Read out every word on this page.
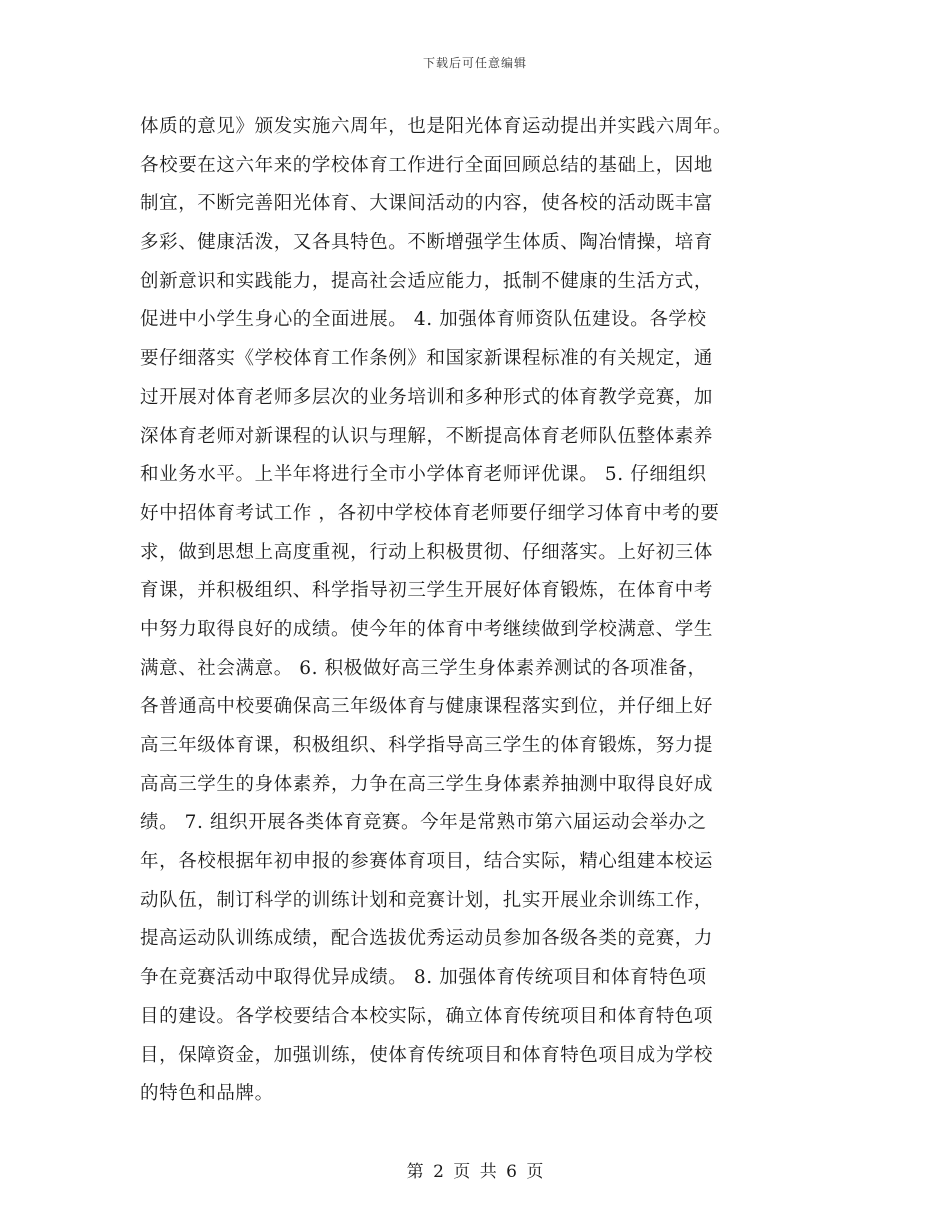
下载后可任意编辑
体质的意见》颁发实施六周年，也是阳光体育运动提出并实践六周年。
各校要在这六年来的学校体育工作进行全面回顾总结的基础上，因地
制宜，不断完善阳光体育、大课间活动的内容，使各校的活动既丰富
多彩、健康活泼，又各具特色。不断增强学生体质、陶冶情操，培育
创新意识和实践能力，提高社会适应能力，抵制不健康的生活方式，
促进中小学生身心的全面进展。 4. 加强体育师资队伍建设。各学校
要仔细落实《学校体育工作条例》和国家新课程标准的有关规定，通
过开展对体育老师多层次的业务培训和多种形式的体育教学竞赛，加
深体育老师对新课程的认识与理解，不断提高体育老师队伍整体素养
和业务水平。上半年将进行全市小学体育老师评优课。 5. 仔细组织
好中招体育考试工作 ，各初中学校体育老师要仔细学习体育中考的要
求，做到思想上高度重视，行动上积极贯彻、仔细落实。上好初三体
育课，并积极组织、科学指导初三学生开展好体育锻炼，在体育中考
中努力取得良好的成绩。使今年的体育中考继续做到学校满意、学生
满意、社会满意。 6. 积极做好高三学生身体素养测试的各项准备，
各普通高中校要确保高三年级体育与健康课程落实到位，并仔细上好
高三年级体育课，积极组织、科学指导高三学生的体育锻炼，努力提
高高三学生的身体素养，力争在高三学生身体素养抽测中取得良好成
绩。 7. 组织开展各类体育竞赛。今年是常熟市第六届运动会举办之
年，各校根据年初申报的参赛体育项目，结合实际，精心组建本校运
动队伍，制订科学的训练计划和竞赛计划，扎实开展业余训练工作，
提高运动队训练成绩，配合选拔优秀运动员参加各级各类的竞赛，力
争在竞赛活动中取得优异成绩。 8. 加强体育传统项目和体育特色项
目的建设。各学校要结合本校实际，确立体育传统项目和体育特色项
目，保障资金，加强训练，使体育传统项目和体育特色项目成为学校
的特色和品牌。
第 2 页 共 6 页
